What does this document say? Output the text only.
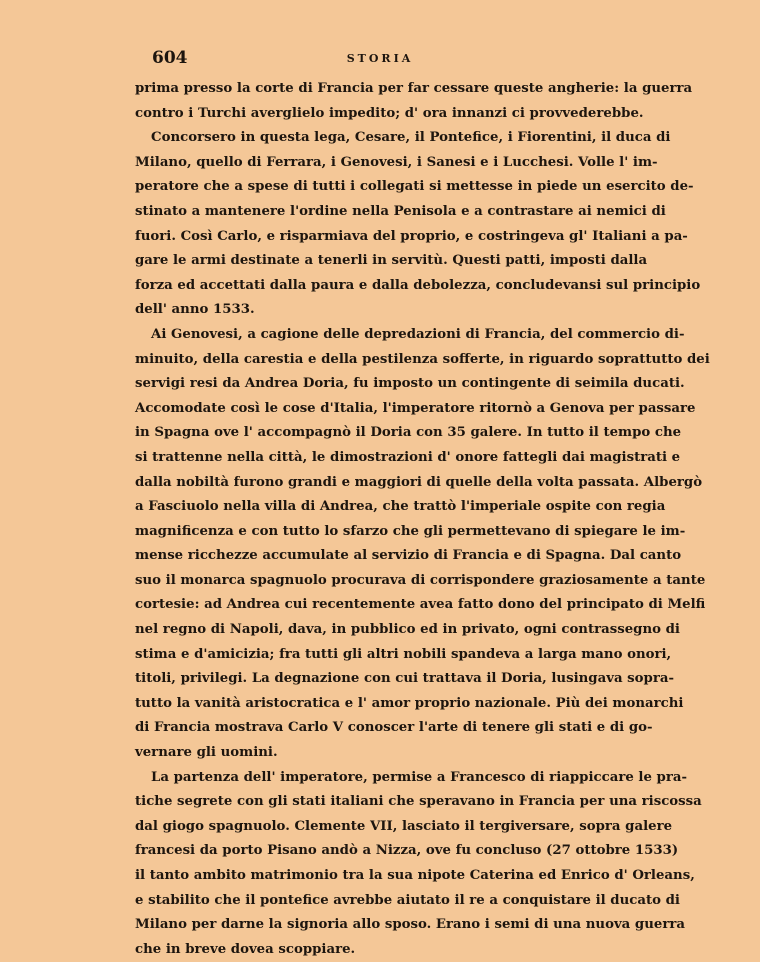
604	STORIA
prima presso la corte di Francia per far cessare queste angherie: la guerra
contro i Turchi averglielo impedito; d' ora innanzi ci provvederebbe.
Concorsero in questa lega, Cesare, il Pontefice, i Fiorentini, il duca di
Milano, quello di Ferrara, i Genovesi, i Sanesi e i Lucchesi. Volle l' im-
peratore che a spese di tutti i collegati si mettesse in piede un esercito de-
stinato a mantenere l'ordine nella Penisola e a contrastare ai nemici di
fuori. Così Carlo, e risparmiava del proprio, e costringeva gl' Italiani a pa-
gare le armi destinate a tenerli in servitù. Questi patti, imposti dalla
forza ed accettati dalla paura e dalla debolezza, concludevansi sul principio
dell' anno 1533.
Ai Genovesi, a cagione delle depredazioni di Francia, del commercio di-
minuito, della carestia e della pestilenza sofferte, in riguardo soprattutto dei
servigi resi da Andrea Doria, fu imposto un contingente di seimila ducati.
Accomodate così le cose d'Italia, l'imperatore ritornò a Genova per passare
in Spagna ove l' accompagnò il Doria con 35 galere. In tutto il tempo che
si trattenne nella città, le dimostrazioni d' onore fattegli dai magistrati e
dalla nobiltà furono grandi e maggiori di quelle della volta passata. Albergò
a Fasciuolo nella villa di Andrea, che trattò l'imperiale ospite con regia
magnificenza e con tutto lo sfarzo che gli permettevano di spiegare le im-
mense ricchezze accumulate al servizio di Francia e di Spagna. Dal canto
suo il monarca spagnuolo procurava di corrispondere graziosamente a tante
cortesie: ad Andrea cui recentemente avea fatto dono del principato di Melfi
nel regno di Napoli, dava, in pubblico ed in privato, ogni contrassegno di
stima e d'amicizia; fra tutti gli altri nobili spandeva a larga mano onori,
titoli, privilegi. La degnazione con cui trattava il Doria, lusingava sopra-
tutto la vanità aristocratica e l' amor proprio nazionale. Più dei monarchi
di Francia mostrava Carlo V conoscer l'arte di tenere gli stati e di go-
vernare gli uomini.
La partenza dell' imperatore, permise a Francesco di riappiccare le pra-
tiche segrete con gli stati italiani che speravano in Francia per una riscossa
dal giogo spagnuolo. Clemente VII, lasciato il tergiversare, sopra galere
francesi da porto Pisano andò a Nizza, ove fu concluso (27 ottobre 1533)
il tanto ambito matrimonio tra la sua nipote Caterina ed Enrico d' Orleans,
e stabilito che il pontefice avrebbe aiutato il re a conquistare il ducato di
Milano per darne la signoria allo sposo. Erano i semi di una nuova guerra
che in breve dovea scoppiare.
